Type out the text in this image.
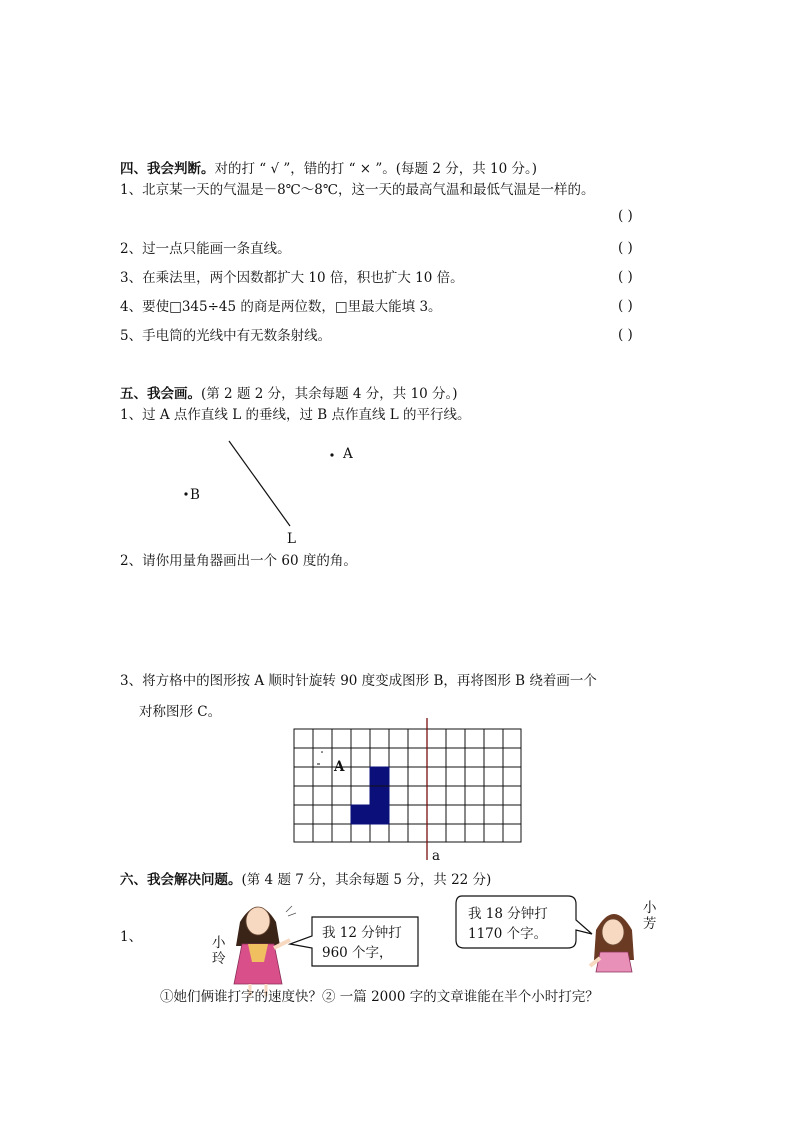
四、我会判断。对的打 “ √ ”，错的打 “ × ”。(每题 2 分，共 10 分。)
1、北京某一天的气温是－8℃～8℃，这一天的最高气温和最低气温是一样的。
( )
2、过一点只能画一条直线。	( )
3、在乘法里，两个因数都扩大 10 倍，积也扩大 10 倍。	( )
4、要使□345÷45 的商是两位数，□里最大能填 3。	( )
5、手电筒的光线中有无数条射线。	( )
五、我会画。(第 2 题 2 分，其余每题 4 分，共 10 分。)
1、过 A 点作直线 L 的垂线，过 B 点作直线 L 的平行线。
A
B
L
2、请你用量角器画出一个 60 度的角。
3、将方格中的图形按 A 顺时针旋转 90 度变成图形 B，再将图形 B 绕着画一个
对称图形 C。
A
a
六、我会解决问题。(第 4 题 7 分，其余每题 5 分，共 22 分)
1、	小玲
我 12 分钟打
960 个字，
我 18 分钟打
1170 个字。
小芳
①她们俩谁打字的速度快？② 一篇 2000 字的文章谁能在半个小时打完？
